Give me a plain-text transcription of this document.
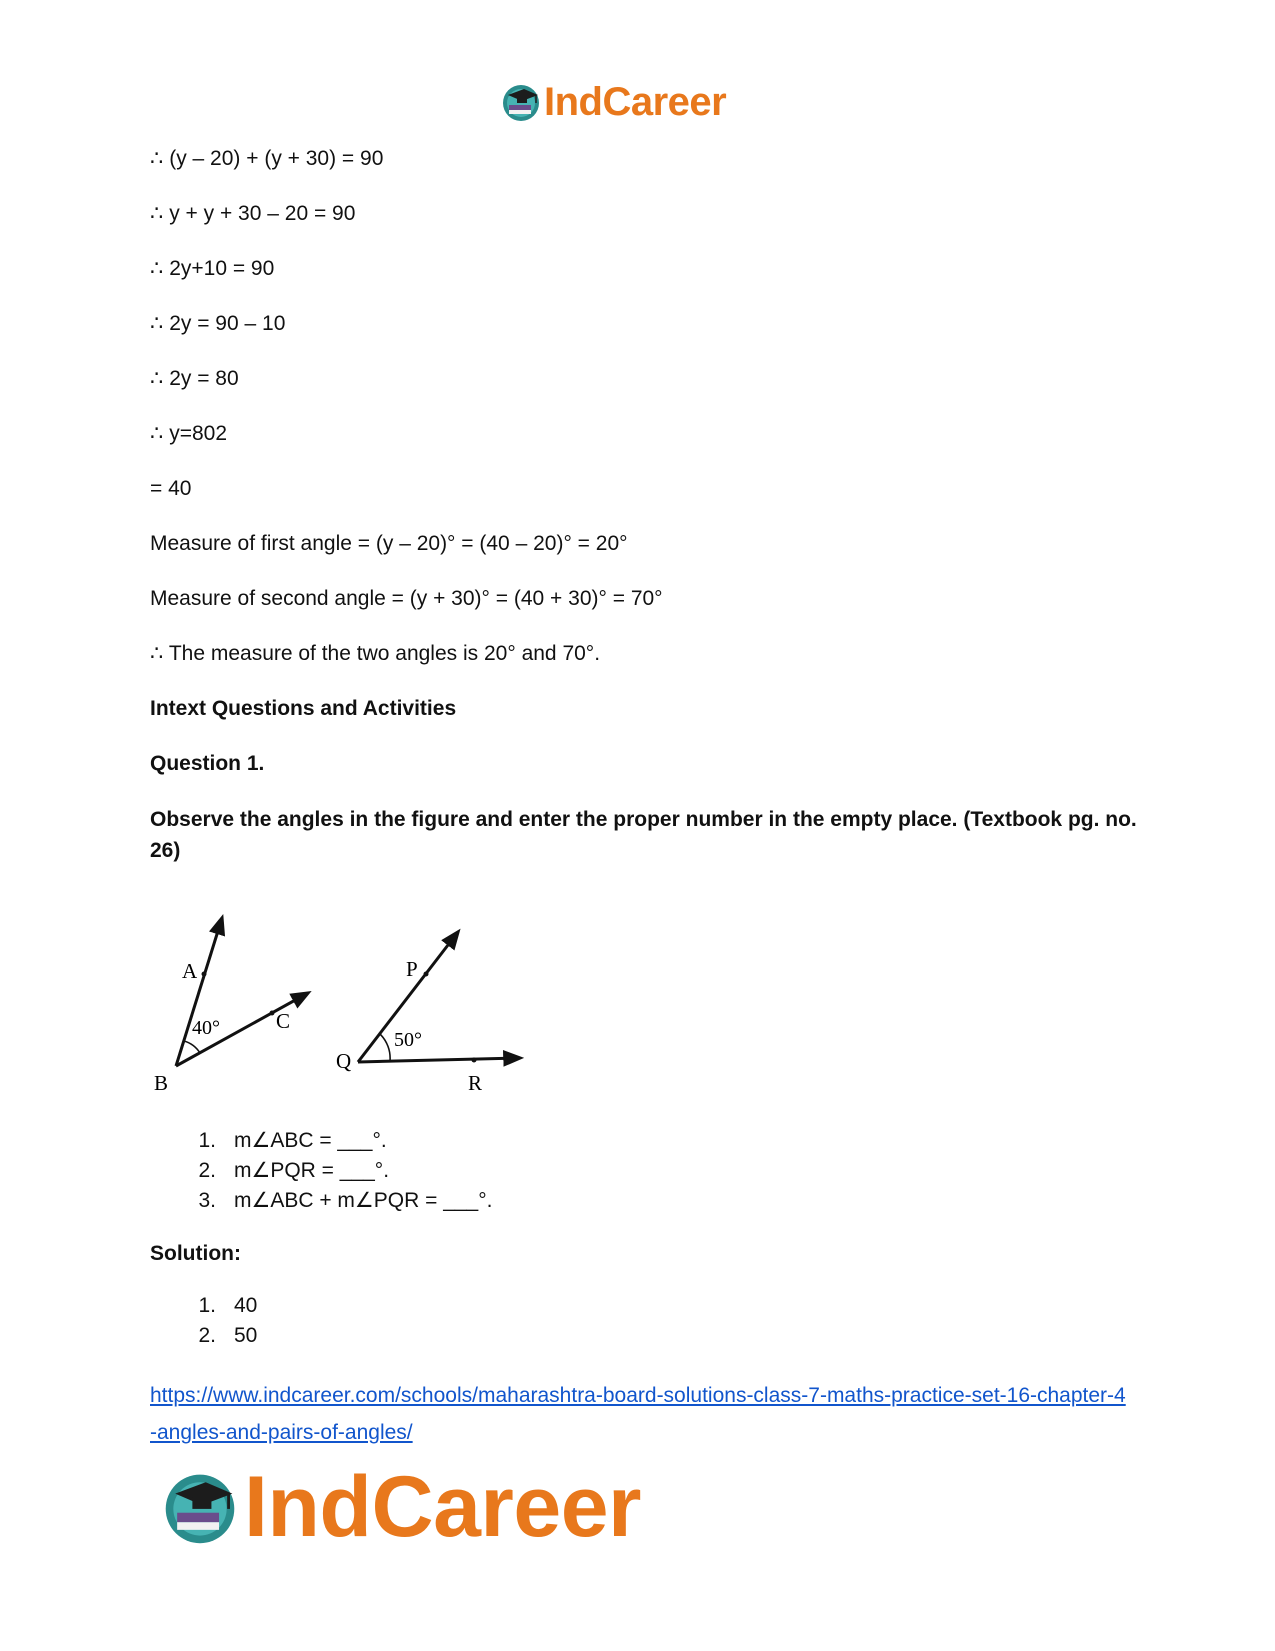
IndCareer
∴ (y – 20) + (y + 30) = 90
∴ y + y + 30 – 20 = 90
∴ 2y+10 = 90
∴ 2y = 90 – 10
∴ 2y = 80
∴ y=802
= 40
Measure of first angle = (y – 20)° = (40 – 20)° = 20°
Measure of second angle = (y + 30)° = (40 + 30)° = 70°
∴ The measure of the two angles is 20° and 70°.
Intext Questions and Activities
Question 1.
Observe the angles in the figure and enter the proper number in the empty place. (Textbook pg. no. 26)
A
B
C
40°
P
Q
R
50°
1. m∠ABC = ___°.
2. m∠PQR = ___°.
3. m∠ABC + m∠PQR = ___°.
Solution:
1. 40
2. 50
https://www.indcareer.com/schools/maharashtra-board-solutions-class-7-maths-practice-set-16-chapter-4-angles-and-pairs-of-angles/
IndCareer
